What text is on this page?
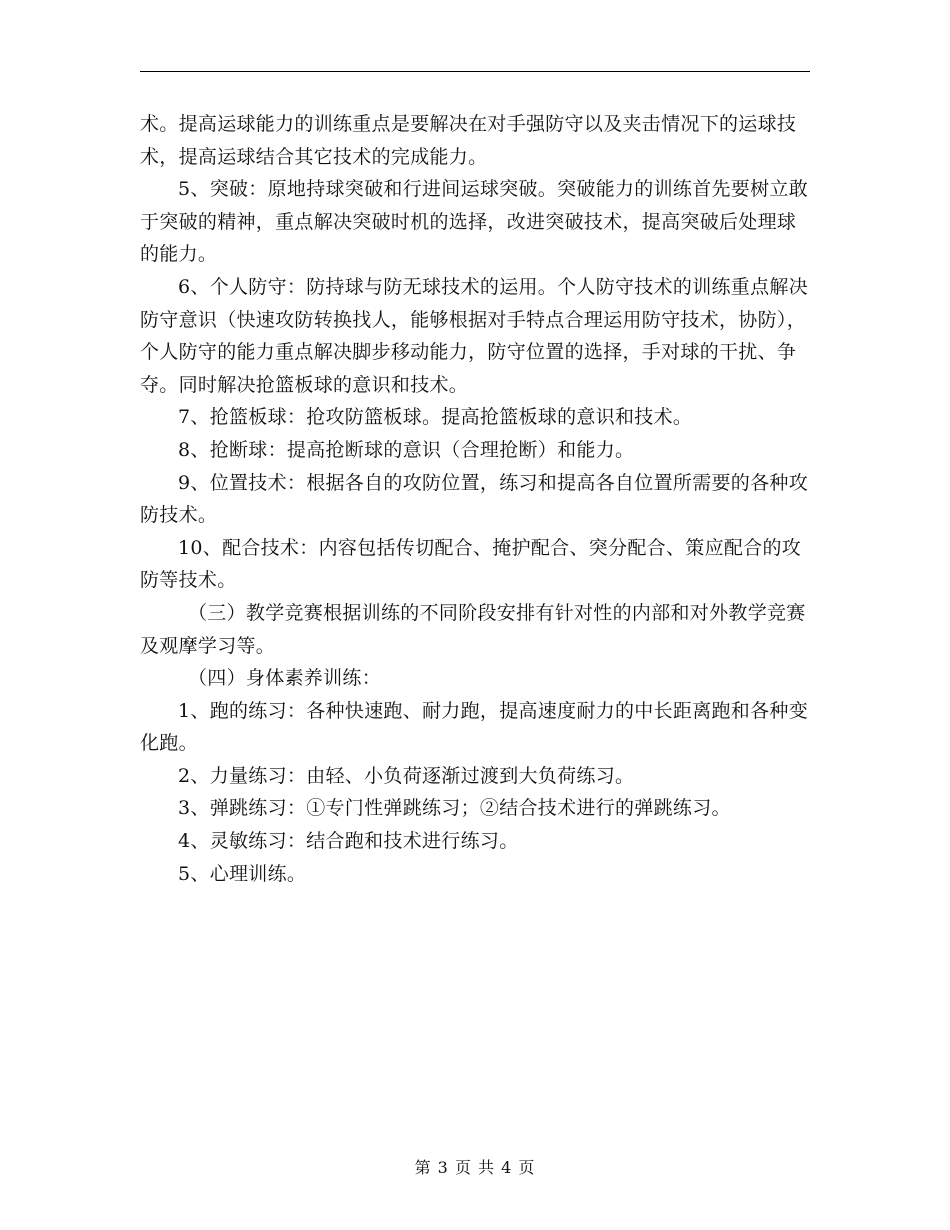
术。提高运球能力的训练重点是要解决在对手强防守以及夹击情况下的运球技术，提高运球结合其它技术的完成能力。

5、突破：原地持球突破和行进间运球突破。突破能力的训练首先要树立敢于突破的精神，重点解决突破时机的选择，改进突破技术，提高突破后处理球的能力。

6、个人防守：防持球与防无球技术的运用。个人防守技术的训练重点解决防守意识（快速攻防转换找人，能够根据对手特点合理运用防守技术，协防），个人防守的能力重点解决脚步移动能力，防守位置的选择，手对球的干扰、争夺。同时解决抢篮板球的意识和技术。

7、抢篮板球：抢攻防篮板球。提高抢篮板球的意识和技术。

8、抢断球：提高抢断球的意识（合理抢断）和能力。

9、位置技术：根据各自的攻防位置，练习和提高各自位置所需要的各种攻防技术。

10、配合技术：内容包括传切配合、掩护配合、突分配合、策应配合的攻防等技术。

（三）教学竞赛根据训练的不同阶段安排有针对性的内部和对外教学竞赛及观摩学习等。

（四）身体素养训练：

1、跑的练习：各种快速跑、耐力跑，提高速度耐力的中长距离跑和各种变化跑。

2、力量练习：由轻、小负荷逐渐过渡到大负荷练习。

3、弹跳练习：①专门性弹跳练习；②结合技术进行的弹跳练习。

4、灵敏练习：结合跑和技术进行练习。

5、心理训练。

第 3 页 共 4 页
